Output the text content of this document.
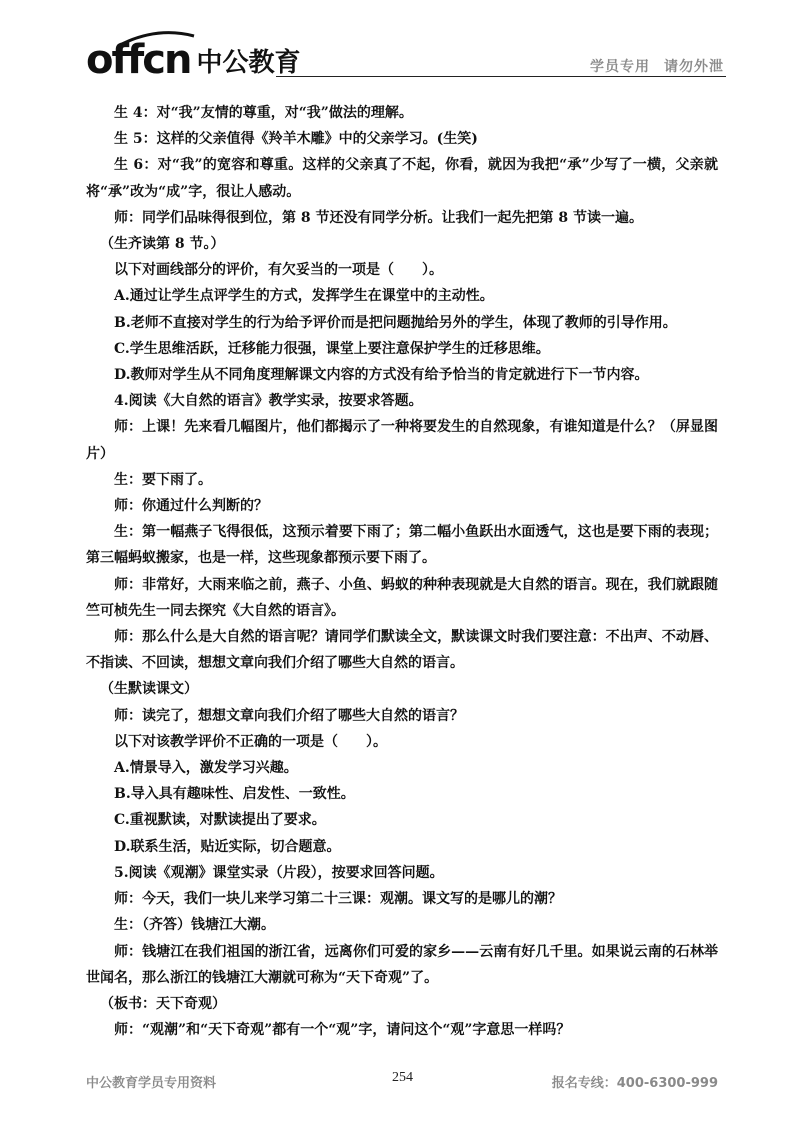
offcn 中公教育	学员专用 请勿外泄

生 4：对“我”友情的尊重，对“我”做法的理解。

生 5：这样的父亲值得《羚羊木雕》中的父亲学习。(生笑)

生 6：对“我”的宽容和尊重。这样的父亲真了不起，你看，就因为我把“承”少写了一横，父亲就将“承”改为“成”字，很让人感动。

师：同学们品味得很到位，第 8 节还没有同学分析。让我们一起先把第 8 节读一遍。

（生齐读第 8 节。）

以下对画线部分的评价，有欠妥当的一项是（　　）。

A.通过让学生点评学生的方式，发挥学生在课堂中的主动性。

B.老师不直接对学生的行为给予评价而是把问题抛给另外的学生，体现了教师的引导作用。

C.学生思维活跃，迁移能力很强，课堂上要注意保护学生的迁移思维。

D.教师对学生从不同角度理解课文内容的方式没有给予恰当的肯定就进行下一节内容。

4.阅读《大自然的语言》教学实录，按要求答题。

师：上课！先来看几幅图片，他们都揭示了一种将要发生的自然现象，有谁知道是什么？（屏显图片）

生：要下雨了。

师：你通过什么判断的？

生：第一幅燕子飞得很低，这预示着要下雨了；第二幅小鱼跃出水面透气，这也是要下雨的表现；第三幅蚂蚁搬家，也是一样，这些现象都预示要下雨了。

师：非常好，大雨来临之前，燕子、小鱼、蚂蚁的种种表现就是大自然的语言。现在，我们就跟随竺可桢先生一同去探究《大自然的语言》。

师：那么什么是大自然的语言呢？请同学们默读全文，默读课文时我们要注意：不出声、不动唇、不指读、不回读，想想文章向我们介绍了哪些大自然的语言。

（生默读课文）

师：读完了，想想文章向我们介绍了哪些大自然的语言？

以下对该教学评价不正确的一项是（　　）。

A.情景导入，激发学习兴趣。

B.导入具有趣味性、启发性、一致性。

C.重视默读，对默读提出了要求。

D.联系生活，贴近实际，切合题意。

5.阅读《观潮》课堂实录（片段），按要求回答问题。

师：今天，我们一块儿来学习第二十三课：观潮。课文写的是哪儿的潮？

生：（齐答）钱塘江大潮。

师：钱塘江在我们祖国的浙江省，远离你们可爱的家乡——云南有好几千里。如果说云南的石林举世闻名，那么浙江的钱塘江大潮就可称为“天下奇观”了。

（板书：天下奇观）

师：“观潮”和“天下奇观”都有一个“观”字，请问这个“观”字意思一样吗？

中公教育学员专用资料	254	报名专线：400-6300-999
